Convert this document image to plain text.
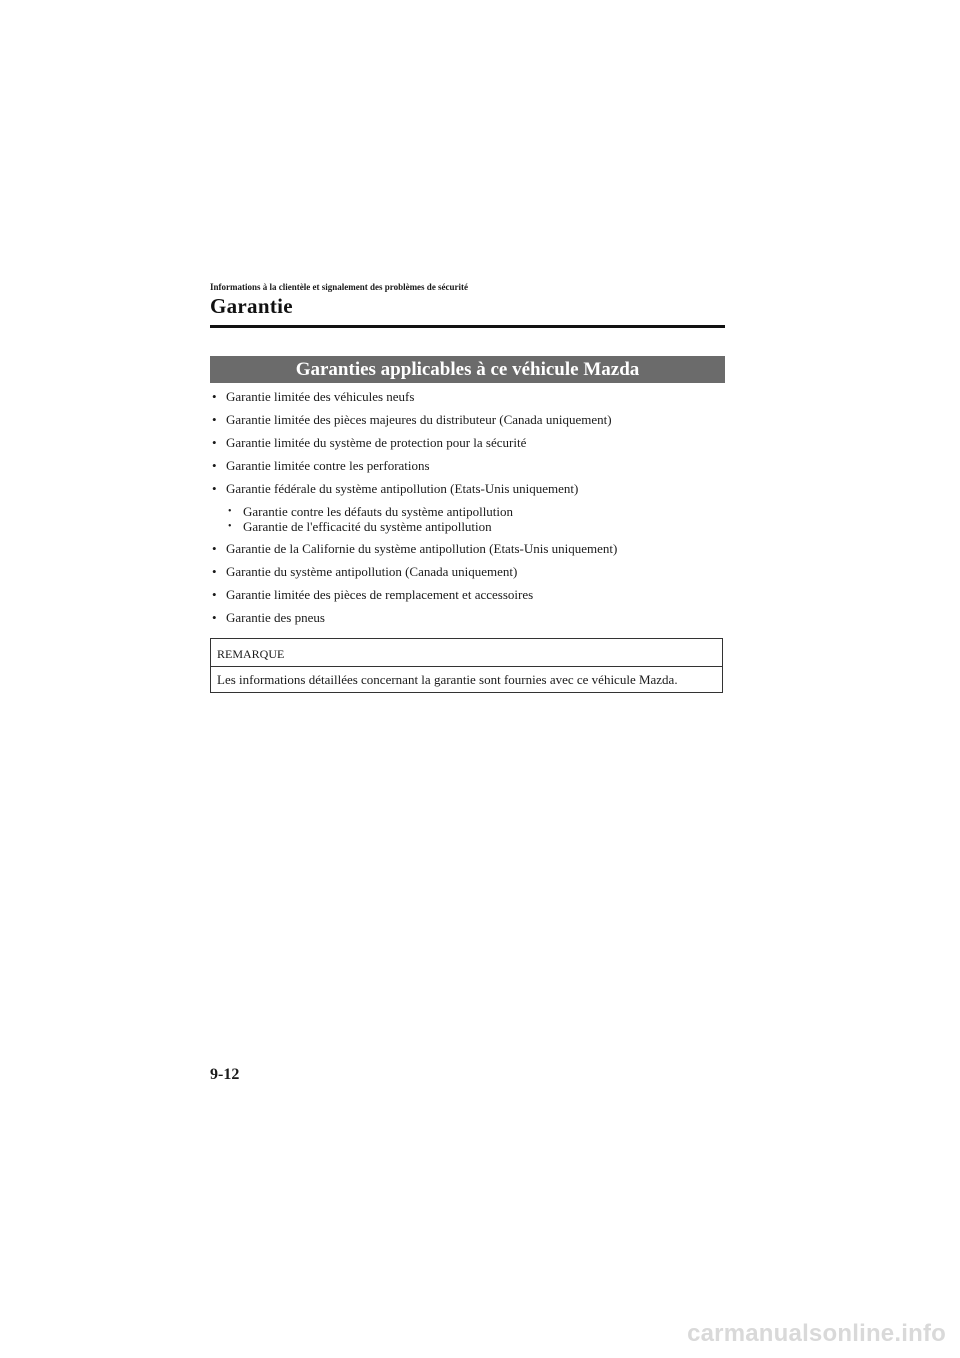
Informations à la clientèle et signalement des problèmes de sécurité
Garantie
Garanties applicables à ce véhicule Mazda
• Garantie limitée des véhicules neufs
• Garantie limitée des pièces majeures du distributeur (Canada uniquement)
• Garantie limitée du système de protection pour la sécurité
• Garantie limitée contre les perforations
• Garantie fédérale du système antipollution (Etats-Unis uniquement)
• Garantie contre les défauts du système antipollution
• Garantie de l'efficacité du système antipollution
• Garantie de la Californie du système antipollution (Etats-Unis uniquement)
• Garantie du système antipollution (Canada uniquement)
• Garantie limitée des pièces de remplacement et accessoires
• Garantie des pneus
REMARQUE
Les informations détaillées concernant la garantie sont fournies avec ce véhicule Mazda.
9-12
carmanualsonline.info
